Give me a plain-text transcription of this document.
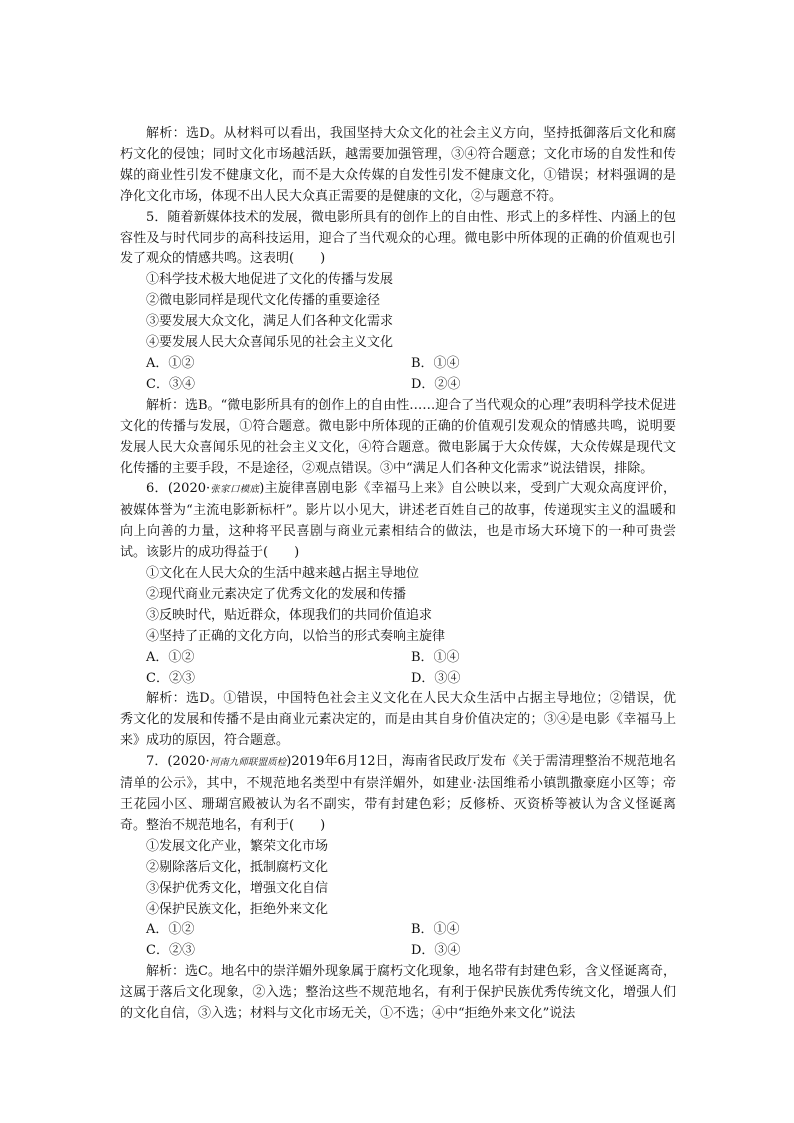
解析：选D。从材料可以看出，我国坚持大众文化的社会主义方向，坚持抵御落后文化和腐朽文化的侵蚀；同时文化市场越活跃，越需要加强管理，③④符合题意；文化市场的自发性和传媒的商业性引发不健康文化，而不是大众传媒的自发性引发不健康文化，①错误；材料强调的是净化文化市场，体现不出人民大众真正需要的是健康的文化，②与题意不符。

5．随着新媒体技术的发展，微电影所具有的创作上的自由性、形式上的多样性、内涵上的包容性及与时代同步的高科技运用，迎合了当代观众的心理。微电影中所体现的正确的价值观也引发了观众的情感共鸣。这表明(　　)

①科学技术极大地促进了文化的传播与发展

②微电影同样是现代文化传播的重要途径

③要发展大众文化，满足人们各种文化需求

④要发展人民大众喜闻乐见的社会主义文化

A．①②	B．①④
C．③④	D．②④

解析：选B。“微电影所具有的创作上的自由性……迎合了当代观众的心理”表明科学技术促进文化的传播与发展，①符合题意。微电影中所体现的正确的价值观引发观众的情感共鸣，说明要发展人民大众喜闻乐见的社会主义文化，④符合题意。微电影属于大众传媒，大众传媒是现代文化传播的主要手段，不是途径，②观点错误。③中“满足人们各种文化需求”说法错误，排除。

6．(2020·张家口模底)主旋律喜剧电影《幸福马上来》自公映以来，受到广大观众高度评价，被媒体誉为“主流电影新标杆”。影片以小见大，讲述老百姓自己的故事，传递现实主义的温暖和向上向善的力量，这种将平民喜剧与商业元素相结合的做法，也是市场大环境下的一种可贵尝试。该影片的成功得益于(　　)

①文化在人民大众的生活中越来越占据主导地位

②现代商业元素决定了优秀文化的发展和传播

③反映时代，贴近群众，体现我们的共同价值追求

④坚持了正确的文化方向，以恰当的形式奏响主旋律

A．①②	B．①④
C．②③	D．③④

解析：选D。①错误，中国特色社会主义文化在人民大众生活中占据主导地位；②错误，优秀文化的发展和传播不是由商业元素决定的，而是由其自身价值决定的；③④是电影《幸福马上来》成功的原因，符合题意。

7．(2020·河南九师联盟质检)2019年6月12日，海南省民政厅发布《关于需清理整治不规范地名清单的公示》，其中，不规范地名类型中有崇洋媚外，如建业·法国维希小镇凯撒豪庭小区等；帝王花园小区、珊瑚宫殿被认为名不副实，带有封建色彩；反修桥、灭资桥等被认为含义怪诞离奇。整治不规范地名，有利于(　　)

①发展文化产业，繁荣文化市场

②剔除落后文化，抵制腐朽文化

③保护优秀文化，增强文化自信

④保护民族文化，拒绝外来文化

A．①②	B．①④
C．②③	D．③④

解析：选C。地名中的崇洋媚外现象属于腐朽文化现象，地名带有封建色彩，含义怪诞离奇，这属于落后文化现象，②入选；整治这些不规范地名，有利于保护民族优秀传统文化，增强人们的文化自信，③入选；材料与文化市场无关，①不选；④中“拒绝外来文化”说法
